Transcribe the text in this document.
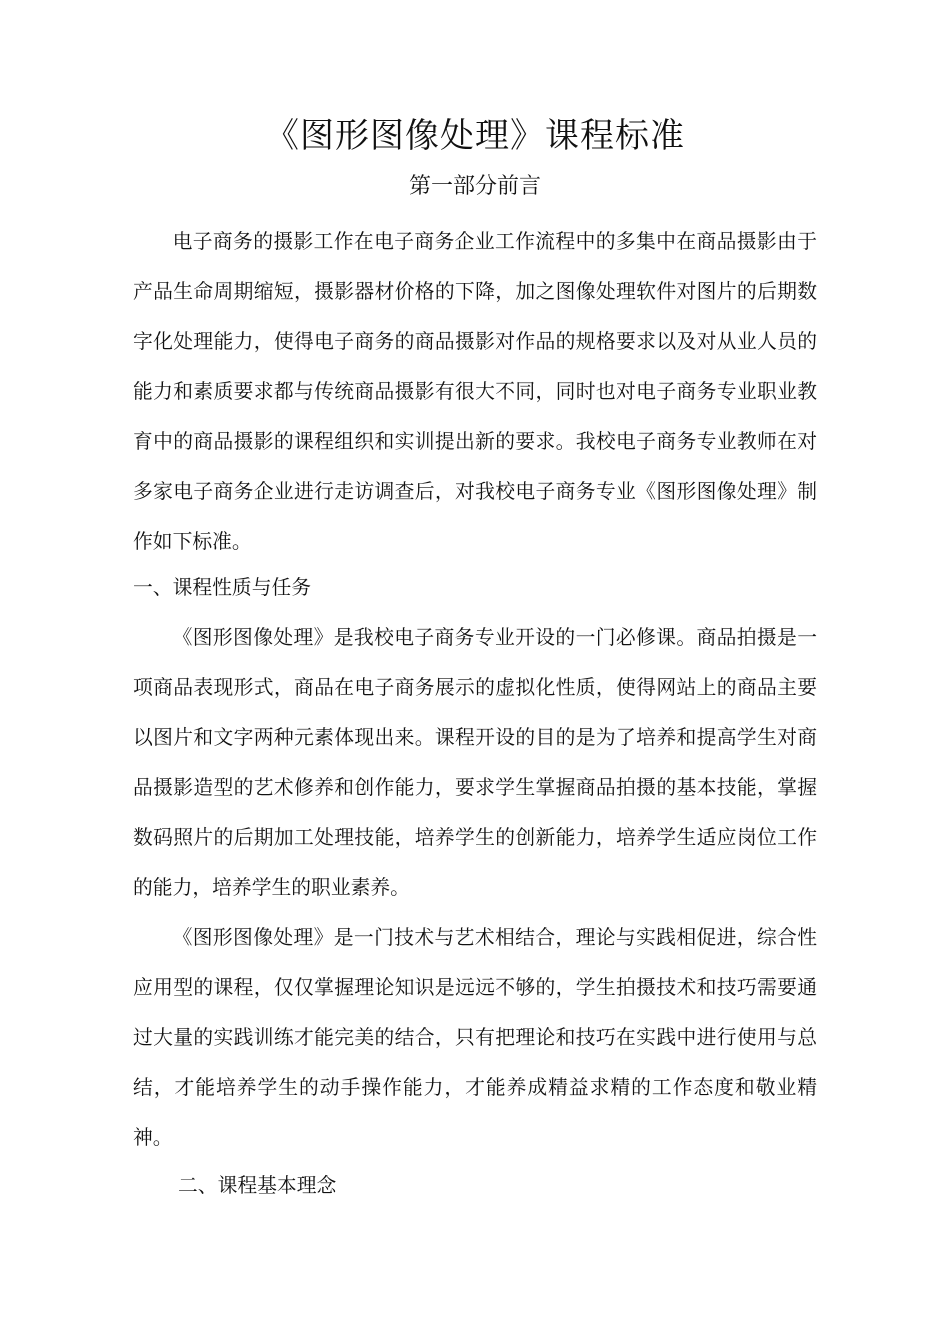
《图形图像处理》课程标准
第一部分前言

电子商务的摄影工作在电子商务企业工作流程中的多集中在商品摄影由于产品生命周期缩短，摄影器材价格的下降，加之图像处理软件对图片的后期数字化处理能力，使得电子商务的商品摄影对作品的规格要求以及对从业人员的能力和素质要求都与传统商品摄影有很大不同，同时也对电子商务专业职业教育中的商品摄影的课程组织和实训提出新的要求。我校电子商务专业教师在对多家电子商务企业进行走访调查后，对我校电子商务专业《图形图像处理》制作如下标准。

一、课程性质与任务

《图形图像处理》是我校电子商务专业开设的一门必修课。商品拍摄是一项商品表现形式，商品在电子商务展示的虚拟化性质，使得网站上的商品主要以图片和文字两种元素体现出来。课程开设的目的是为了培养和提高学生对商品摄影造型的艺术修养和创作能力，要求学生掌握商品拍摄的基本技能，掌握数码照片的后期加工处理技能，培养学生的创新能力，培养学生适应岗位工作的能力，培养学生的职业素养。

《图形图像处理》是一门技术与艺术相结合，理论与实践相促进，综合性应用型的课程，仅仅掌握理论知识是远远不够的，学生拍摄技术和技巧需要通过大量的实践训练才能完美的结合，只有把理论和技巧在实践中进行使用与总结，才能培养学生的动手操作能力，才能养成精益求精的工作态度和敬业精神。

二、课程基本理念
